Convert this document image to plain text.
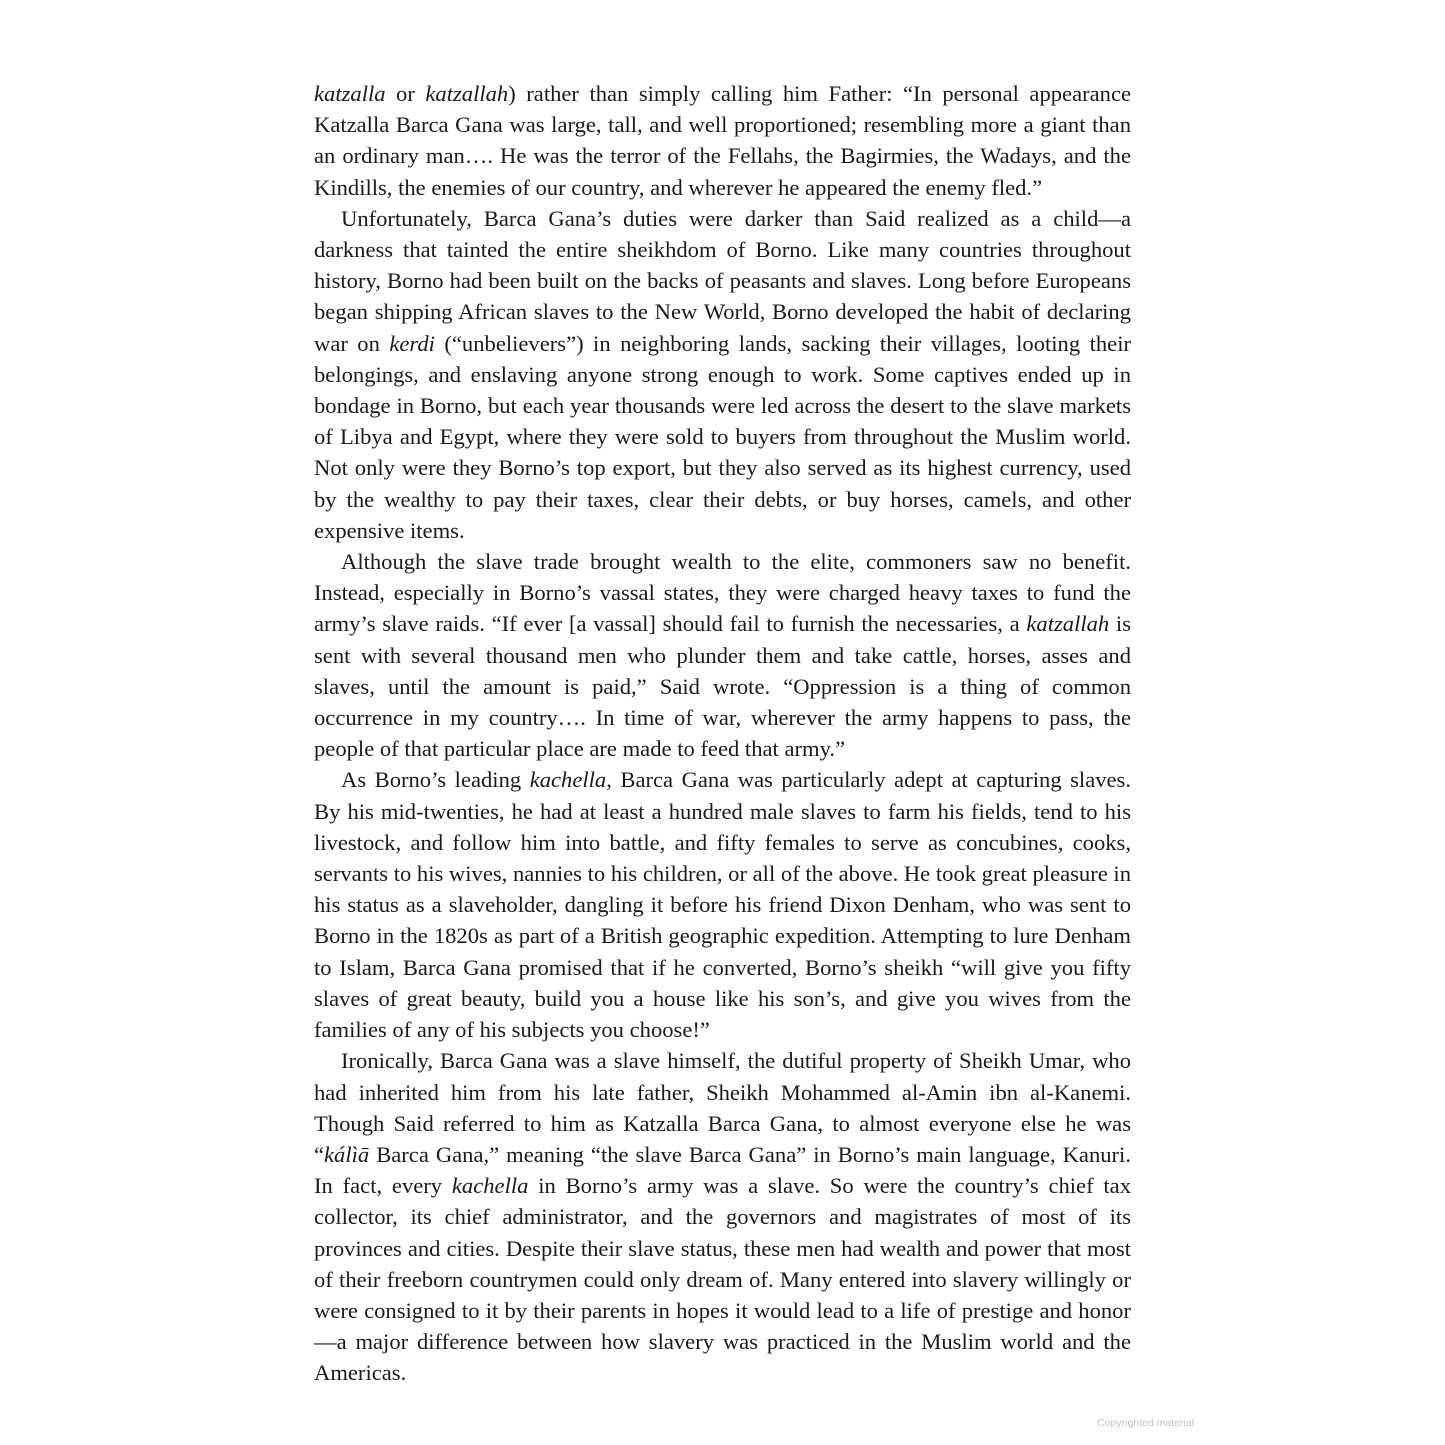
katzalla or katzallah) rather than simply calling him Father: “In personal appearance Katzalla Barca Gana was large, tall, and well proportioned; resembling more a giant than an ordinary man…. He was the terror of the Fellahs, the Bagirmies, the Wadays, and the Kindills, the enemies of our country, and wherever he appeared the enemy fled.”

Unfortunately, Barca Gana’s duties were darker than Said realized as a child—a darkness that tainted the entire sheikhdom of Borno. Like many countries throughout history, Borno had been built on the backs of peasants and slaves. Long before Europeans began shipping African slaves to the New World, Borno developed the habit of declaring war on kerdi (“unbelievers”) in neighboring lands, sacking their villages, looting their belongings, and enslaving anyone strong enough to work. Some captives ended up in bondage in Borno, but each year thousands were led across the desert to the slave markets of Libya and Egypt, where they were sold to buyers from throughout the Muslim world. Not only were they Borno’s top export, but they also served as its highest currency, used by the wealthy to pay their taxes, clear their debts, or buy horses, camels, and other expensive items.

Although the slave trade brought wealth to the elite, commoners saw no benefit. Instead, especially in Borno’s vassal states, they were charged heavy taxes to fund the army’s slave raids. “If ever [a vassal] should fail to furnish the necessaries, a katzallah is sent with several thousand men who plunder them and take cattle, horses, asses and slaves, until the amount is paid,” Said wrote. “Oppression is a thing of common occurrence in my country…. In time of war, wherever the army happens to pass, the people of that particular place are made to feed that army.”

As Borno’s leading kachella, Barca Gana was particularly adept at capturing slaves. By his mid-twenties, he had at least a hundred male slaves to farm his fields, tend to his livestock, and follow him into battle, and fifty females to serve as concubines, cooks, servants to his wives, nannies to his children, or all of the above. He took great pleasure in his status as a slaveholder, dangling it before his friend Dixon Denham, who was sent to Borno in the 1820s as part of a British geographic expedition. Attempting to lure Denham to Islam, Barca Gana promised that if he converted, Borno’s sheikh “will give you fifty slaves of great beauty, build you a house like his son’s, and give you wives from the families of any of his subjects you choose!”

Ironically, Barca Gana was a slave himself, the dutiful property of Sheikh Umar, who had inherited him from his late father, Sheikh Mohammed al-Amin ibn al-Kanemi. Though Said referred to him as Katzalla Barca Gana, to almost everyone else he was “kálìā Barca Gana,” meaning “the slave Barca Gana” in Borno’s main language, Kanuri. In fact, every kachella in Borno’s army was a slave. So were the country’s chief tax collector, its chief administrator, and the governors and magistrates of most of its provinces and cities. Despite their slave status, these men had wealth and power that most of their freeborn countrymen could only dream of. Many entered into slavery willingly or were consigned to it by their parents in hopes it would lead to a life of prestige and honor—a major difference between how slavery was practiced in the Muslim world and the Americas.

Copyrighted material
